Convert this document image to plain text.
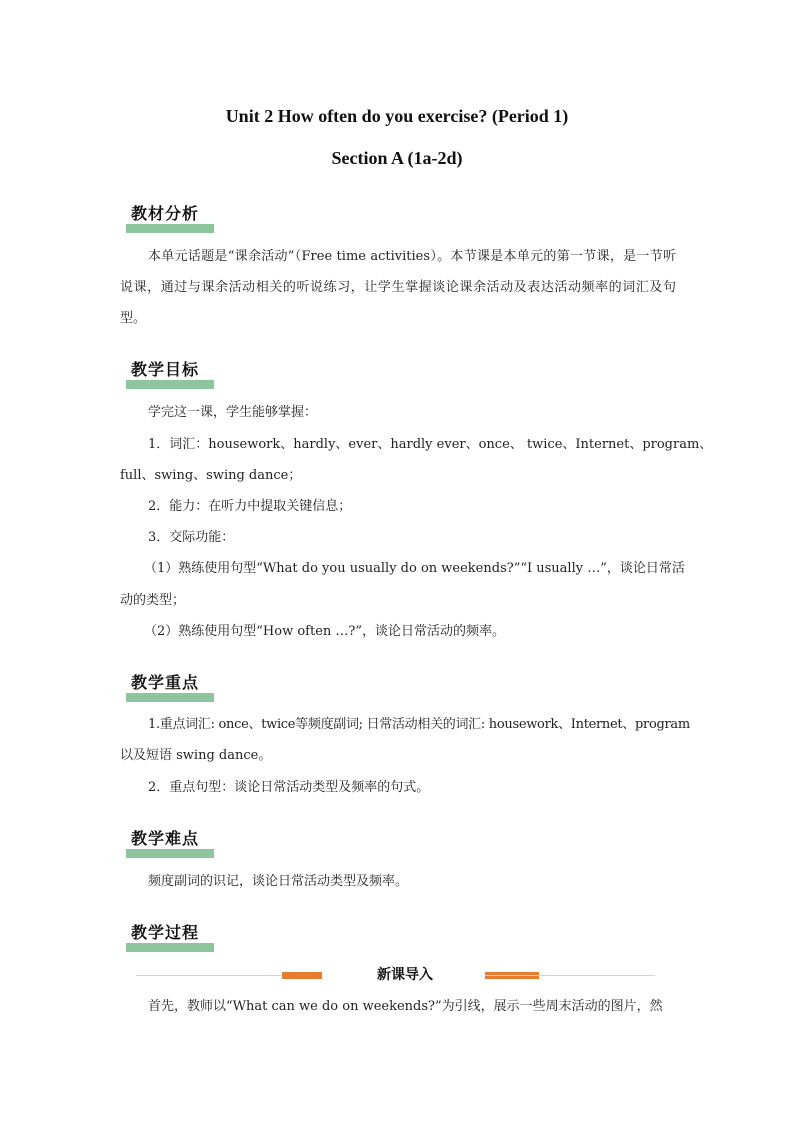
Unit 2 How often do you exercise? (Period 1)
Section A (1a-2d)
教材分析
本单元话题是“课余活动”（Free time activities）。本节课是本单元的第一节课，是一节听说课，通过与课余活动相关的听说练习，让学生掌握谈论课余活动及表达活动频率的词汇及句型。
教学目标
学完这一课，学生能够掌握：
1．词汇：housework、hardly、ever、hardly ever、once、 twice、Internet、program、
full、swing、swing dance；
2．能力：在听力中提取关键信息；
3．交际功能：
（1）熟练使用句型“What do you usually do on weekends?”“I usually …”，谈论日常活
动的类型；
（2）熟练使用句型“How often …?”，谈论日常活动的频率。
教学重点
1.重点词汇: once、twice等频度副词; 日常活动相关的词汇: housework、Internet、program
以及短语 swing dance。
2．重点句型：谈论日常活动类型及频率的句式。
教学难点
频度副词的识记，谈论日常活动类型及频率。
教学过程
新课导入
首先，教师以“What can we do on weekends?”为引线，展示一些周末活动的图片，然
